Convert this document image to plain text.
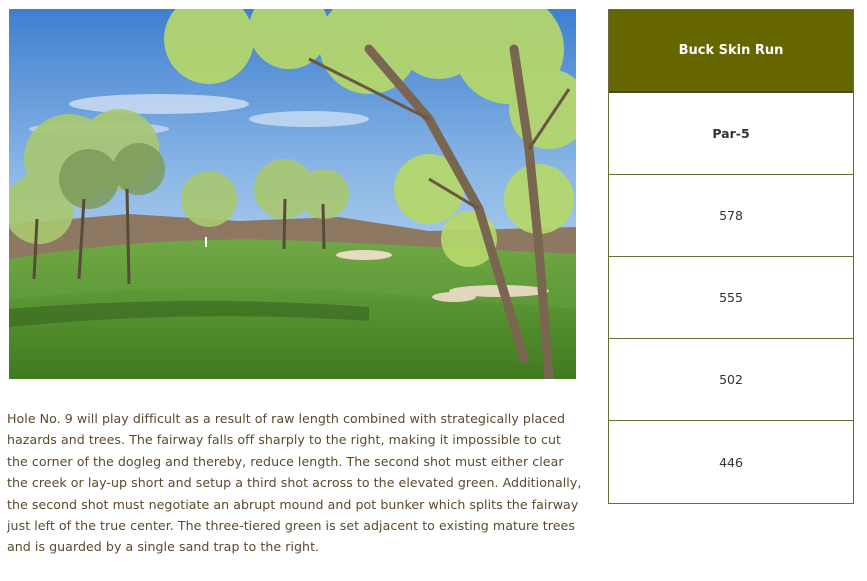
Hole No. 9 will play difficult as a result of raw length combined with strategically placed hazards and trees. The fairway falls off sharply to the right, making it impossible to cut the corner of the dogleg and thereby, reduce length. The second shot must either clear the creek or lay-up short and setup a third shot across to the elevated green. Additionally, the second shot must negotiate an abrupt mound and pot bunker which splits the fairway just left of the true center. The three-tiered green is set adjacent to existing mature trees and is guarded by a single sand trap to the right.

Buck Skin Run
Par-5
578
555
502
446
